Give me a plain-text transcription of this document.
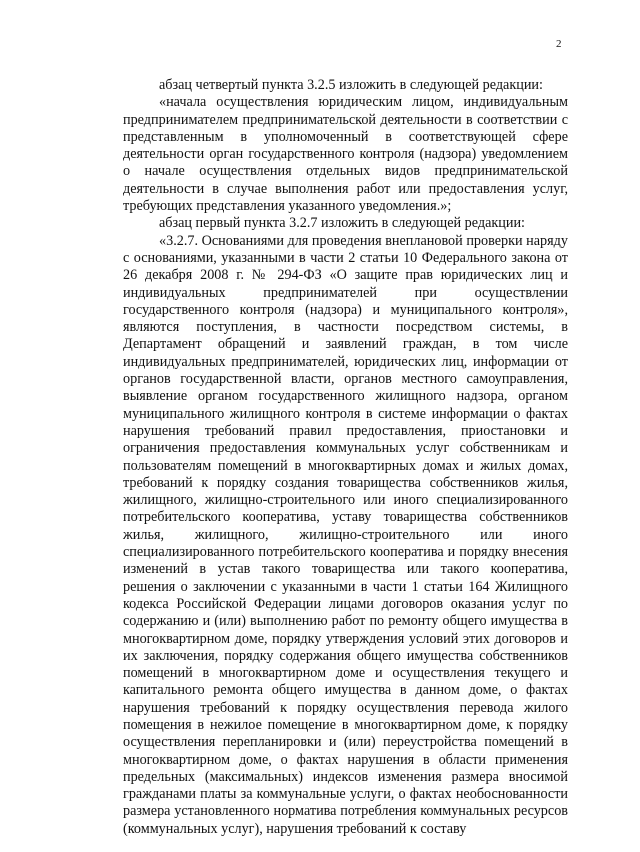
2

абзац четвертый пункта 3.2.5 изложить в следующей редакции:

«начала осуществления юридическим лицом, индивидуальным предпринимателем предпринимательской деятельности в соответствии с представленным в уполномоченный в соответствующей сфере деятельности орган государственного контроля (надзора) уведомлением о начале осуществления отдельных видов предпринимательской деятельности в случае выполнения работ или предоставления услуг, требующих представления указанного уведомления.»;

абзац первый пункта 3.2.7 изложить в следующей редакции:

«3.2.7. Основаниями для проведения внеплановой проверки наряду с основаниями, указанными в части 2 статьи 10 Федерального закона от 26 декабря 2008 г. № 294-ФЗ «О защите прав юридических лиц и индивидуальных предпринимателей при осуществлении государственного контроля (надзора) и муниципального контроля», являются поступления, в частности посредством системы, в Департамент обращений и заявлений граждан, в том числе индивидуальных предпринимателей, юридических лиц, информации от органов государственной власти, органов местного самоуправления, выявление органом государственного жилищного надзора, органом муниципального жилищного контроля в системе информации о фактах нарушения требований правил предоставления, приостановки и ограничения предоставления коммунальных услуг собственникам и пользователям помещений в многоквартирных домах и жилых домах, требований к порядку создания товарищества собственников жилья, жилищного, жилищно-строительного или иного специализированного потребительского кооператива, уставу товарищества собственников жилья, жилищного, жилищно-строительного или иного специализированного потребительского кооператива и порядку внесения изменений в устав такого товарищества или такого кооператива, решения о заключении с указанными в части 1 статьи 164 Жилищного кодекса Российской Федерации лицами договоров оказания услуг по содержанию и (или) выполнению работ по ремонту общего имущества в многоквартирном доме, порядку утверждения условий этих договоров и их заключения, порядку содержания общего имущества собственников помещений в многоквартирном доме и осуществления текущего и капитального ремонта общего имущества в данном доме, о фактах нарушения требований к порядку осуществления перевода жилого помещения в нежилое помещение в многоквартирном доме, к порядку осуществления перепланировки и (или) переустройства помещений в многоквартирном доме, о фактах нарушения в области применения предельных (максимальных) индексов изменения размера вносимой гражданами платы за коммунальные услуги, о фактах необоснованности размера установленного норматива потребления коммунальных ресурсов (коммунальных услуг), нарушения требований к составу
